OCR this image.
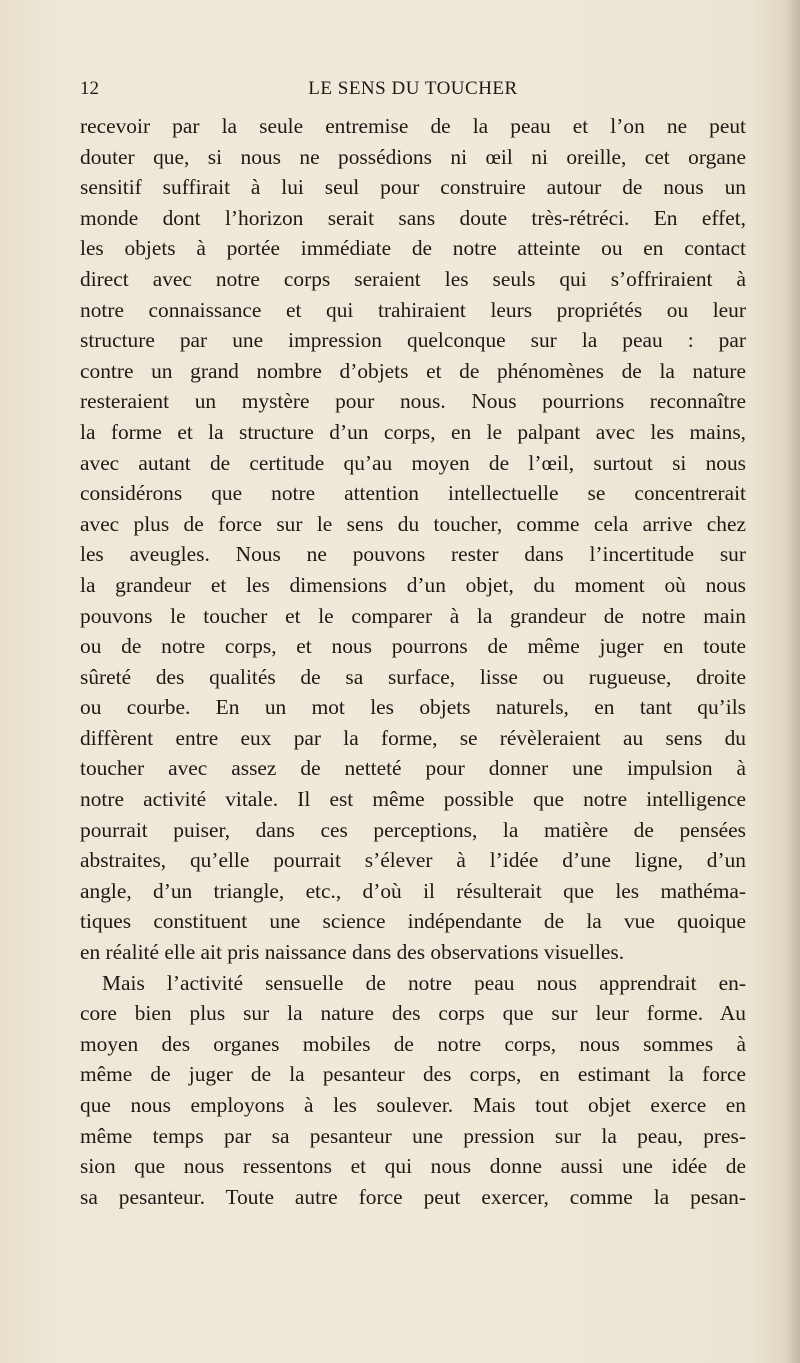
12	LE SENS DU TOUCHER
recevoir par la seule entremise de la peau et l’on ne peut
douter que, si nous ne possédions ni œil ni oreille, cet organe
sensitif suffirait à lui seul pour construire autour de nous un
monde dont l’horizon serait sans doute très-rétréci. En effet,
les objets à portée immédiate de notre atteinte ou en contact
direct avec notre corps seraient les seuls qui s’offriraient à
notre connaissance et qui trahiraient leurs propriétés ou leur
structure par une impression quelconque sur la peau : par
contre un grand nombre d’objets et de phénomènes de la nature
resteraient un mystère pour nous. Nous pourrions reconnaître
la forme et la structure d’un corps, en le palpant avec les mains,
avec autant de certitude qu’au moyen de l’œil, surtout si nous
considérons que notre attention intellectuelle se concentrerait
avec plus de force sur le sens du toucher, comme cela arrive chez
les aveugles. Nous ne pouvons rester dans l’incertitude sur
la grandeur et les dimensions d’un objet, du moment où nous
pouvons le toucher et le comparer à la grandeur de notre main
ou de notre corps, et nous pourrons de même juger en toute
sûreté des qualités de sa surface, lisse ou rugueuse, droite
ou courbe. En un mot les objets naturels, en tant qu’ils
diffèrent entre eux par la forme, se révèleraient au sens du
toucher avec assez de netteté pour donner une impulsion à
notre activité vitale. Il est même possible que notre intelligence
pourrait puiser, dans ces perceptions, la matière de pensées
abstraites, qu’elle pourrait s’élever à l’idée d’une ligne, d’un
angle, d’un triangle, etc., d’où il résulterait que les mathéma-
tiques constituent une science indépendante de la vue quoique
en réalité elle ait pris naissance dans des observations visuelles.
Mais l’activité sensuelle de notre peau nous apprendrait en-
core bien plus sur la nature des corps que sur leur forme. Au
moyen des organes mobiles de notre corps, nous sommes à
même de juger de la pesanteur des corps, en estimant la force
que nous employons à les soulever. Mais tout objet exerce en
même temps par sa pesanteur une pression sur la peau, pres-
sion que nous ressentons et qui nous donne aussi une idée de
sa pesanteur. Toute autre force peut exercer, comme la pesan-
